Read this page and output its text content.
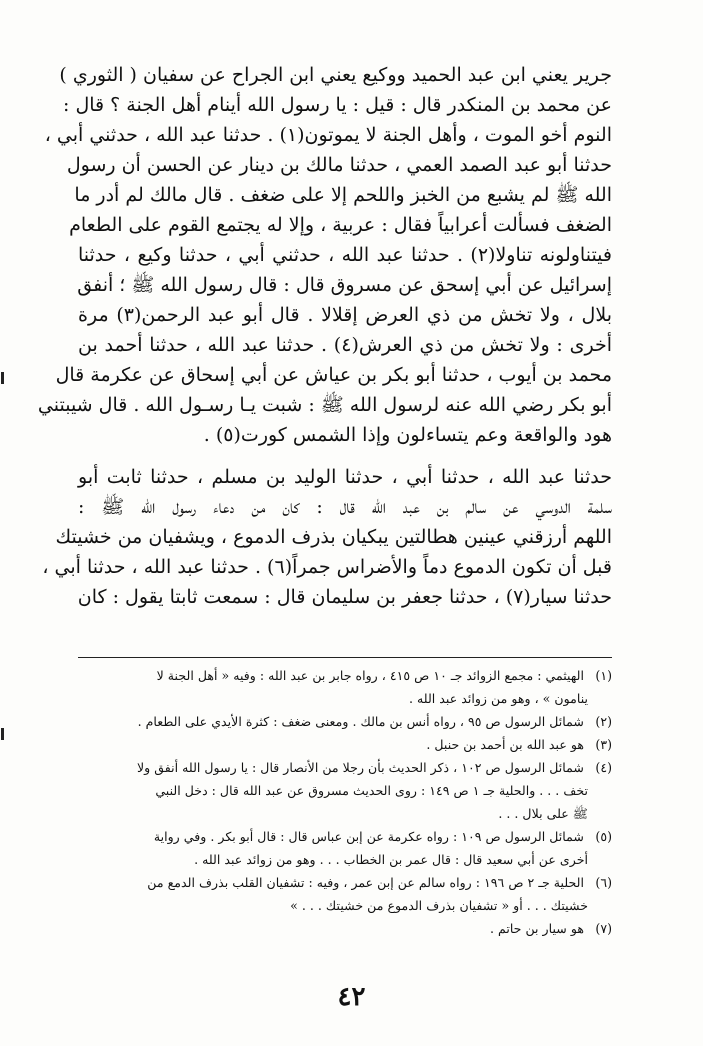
جرير يعني ابن عبد الحميد ووكيع يعني ابن الجراح عن سفيان ( الثوري )
عن محمد بن المنكدر قال : قيل : يا رسول الله أينام أهل الجنة ؟ قال :
النوم أخو الموت ، وأهل الجنة لا يموتون(١) . حدثنا عبد الله ، حدثني أبي ،
حدثنا أبو عبد الصمد العمي ، حدثنا مالك بن دينار عن الحسن أن رسول
الله ﷺ لم يشبع من الخبز واللحم إلا على ضغف . قال مالك لم أدر ما
الضغف فسألت أعرابياً فقال : عربية ، وإلا له يجتمع القوم على الطعام
فيتناولونه تناولا(٢) . حدثنا عبد الله ، حدثني أبي ، حدثنا وكيع ، حدثنا
إسرائيل عن أبي إسحق عن مسروق قال : قال رسول الله ﷺ ؛ أنفق
بلال ، ولا تخش من ذي العرض إقلالا . قال أبو عبد الرحمن(٣) مرة
أخرى : ولا تخش من ذي العرش(٤) . حدثنا عبد الله ، حدثنا أحمد بن
محمد بن أيوب ، حدثنا أبو بكر بن عياش عن أبي إسحاق عن عكرمة قال
أبو بكر رضي الله عنه لرسول الله ﷺ : شبت يـا رسـول الله . قال شيبتني
هود والواقعة وعم يتساءلون وإذا الشمس كورت(٥) .
حدثنا عبد الله ، حدثنا أبي ، حدثنا الوليد بن مسلم ، حدثنا ثابت أبو
سلمة الدوسي عن سالم بن عبد الله قال : كان من دعاء رسول الله ﷺ :
اللهم أرزقني عينين هطالتين يبكيان بذرف الدموع ، ويشفيان من خشيتك
قبل أن تكون الدموع دماً والأضراس جمراً(٦) . حدثنا عبد الله ، حدثنا أبي ،
حدثنا سيار(٧) ، حدثنا جعفر بن سليمان قال : سمعت ثابتا يقول : كان
(١) الهيثمي : مجمع الزوائد جـ ١٠ ص ٤١٥ ، رواه جابر بن عبد الله : وفيه « أهل الجنة لا
ينامون » ، وهو من زوائد عبد الله .
(٢) شمائل الرسول ص ٩٥ ، رواه أنس بن مالك . ومعنى ضغف : كثرة الأيدي على الطعام .
(٣) هو عبد الله بن أحمد بن حنبل .
(٤) شمائل الرسول ص ١٠٢ ، ذكر الحديث بأن رجلا من الأنصار قال : يا رسول الله أنفق ولا
تخف . . . والحلية جـ ١ ص ١٤٩ : روى الحديث مسروق عن عبد الله قال : دخل النبي
ﷺ على بلال . . .
(٥) شمائل الرسول ص ١٠٩ : رواه عكرمة عن إبن عباس قال : قال أبو بكر . وفي رواية
أخرى عن أبي سعيد قال : قال عمر بن الخطاب . . . وهو من زوائد عبد الله .
(٦) الحلية جـ ٢ ص ١٩٦ : رواه سالم عن إبن عمر ، وفيه : تشفيان القلب بذرف الدمع من
خشيتك . . . أو « تشفيان بذرف الدموع من خشيتك . . . »
(٧) هو سيار بن حاتم .
٤٢
